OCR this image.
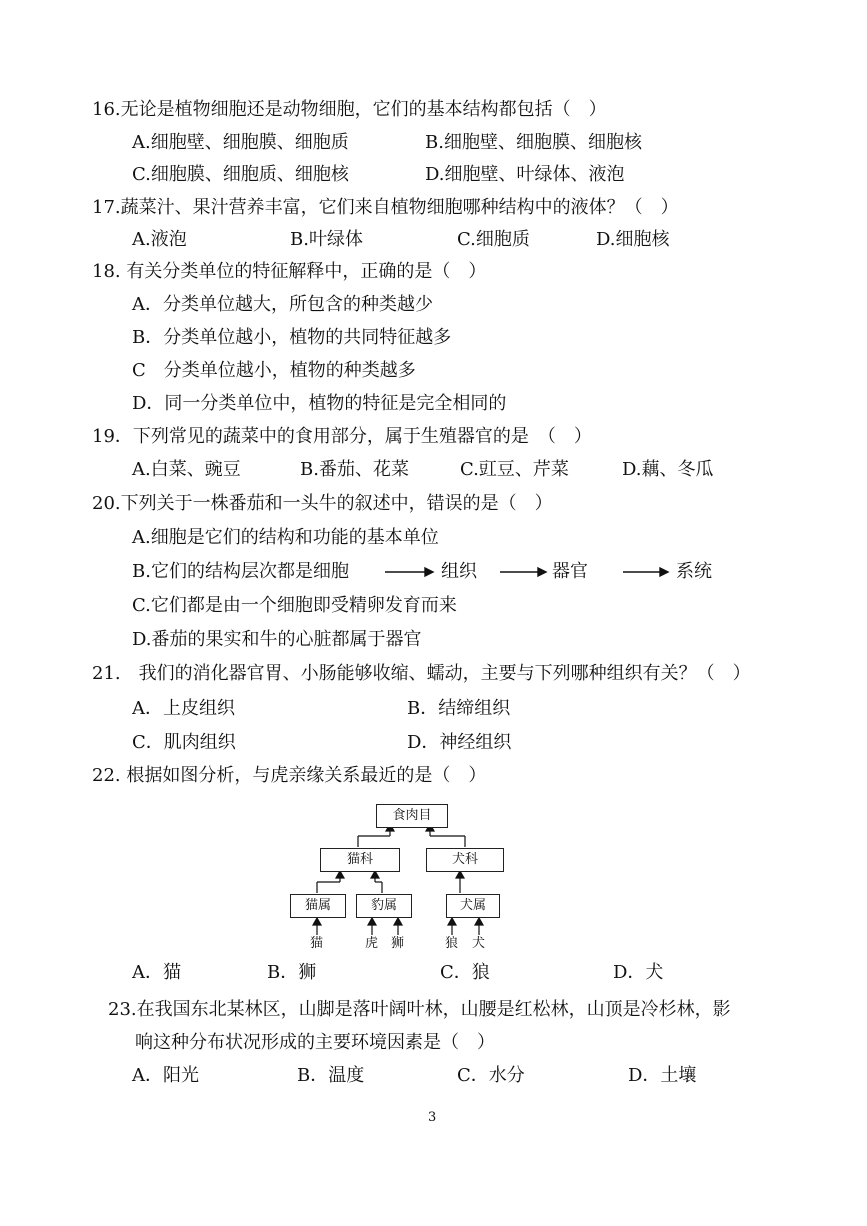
16.无论是植物细胞还是动物细胞，它们的基本结构都包括（　）
A.细胞壁、细胞膜、细胞质	B.细胞壁、细胞膜、细胞核
C.细胞膜、细胞质、细胞核	D.细胞壁、叶绿体、液泡
17.蔬菜汁、果汁营养丰富，它们来自植物细胞哪种结构中的液体？（　）
A.液泡	B.叶绿体	C.细胞质	D.细胞核
18. 有关分类单位的特征解释中，正确的是（　）
A．分类单位越大，所包含的种类越少
B．分类单位越小，植物的共同特征越多
C　分类单位越小，植物的种类越多
D．同一分类单位中，植物的特征是完全相同的
19．下列常见的蔬菜中的食用部分，属于生殖器官的是　（　）
A.白菜、豌豆	B.番茄、花菜	C.豇豆、芹菜	D.藕、冬瓜
20.下列关于一株番茄和一头牛的叙述中，错误的是（　）
A.细胞是它们的结构和功能的基本单位
B.它们的结构层次都是细胞	组织	器官	系统
C.它们都是由一个细胞即受精卵发育而来
D.番茄的果实和牛的心脏都属于器官
21.　我们的消化器官胃、小肠能够收缩、蠕动，主要与下列哪种组织有关？（　）
A．上皮组织	B．结缔组织
C．肌肉组织	D．神经组织
22. 根据如图分析，与虎亲缘关系最近的是（　）
食肉目
猫科	犬科
猫属	豹属	犬属
猫	虎 狮	狼 犬
A．猫	B．狮	C．狼	D．犬
23.在我国东北某林区，山脚是落叶阔叶林，山腰是红松林，山顶是冷杉林，影
响这种分布状况形成的主要环境因素是（　）
A．阳光	B．温度	C．水分	D．土壤
3
